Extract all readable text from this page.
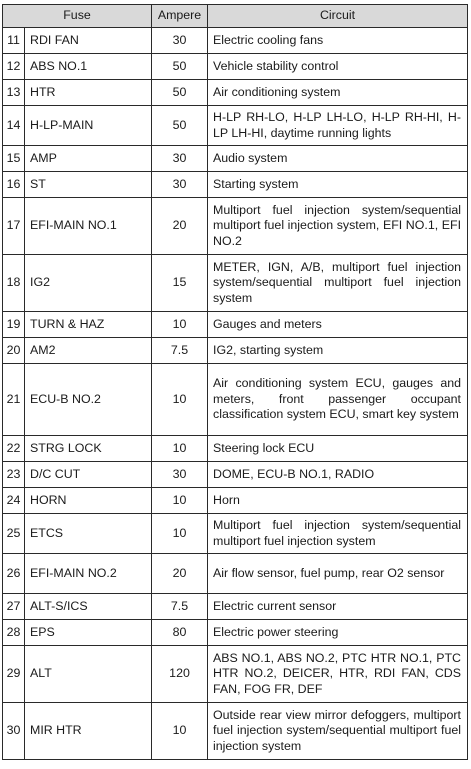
Fuse		Ampere	Circuit
11	RDI FAN	30	Electric cooling fans
12	ABS NO.1	50	Vehicle stability control
13	HTR	50	Air conditioning system
14	H-LP-MAIN	50	H-LP RH-LO, H-LP LH-LO, H-LP RH-HI, H-LP LH-HI, daytime running lights
15	AMP	30	Audio system
16	ST	30	Starting system
17	EFI-MAIN NO.1	20	Multiport fuel injection system/sequential multiport fuel injection system, EFI NO.1, EFI NO.2
18	IG2	15	METER, IGN, A/B, multiport fuel injection system/sequential multiport fuel injection system
19	TURN & HAZ	10	Gauges and meters
20	AM2	7.5	IG2, starting system
21	ECU-B NO.2	10	Air conditioning system ECU, gauges and meters, front passenger occupant classification system ECU, smart key system
22	STRG LOCK	10	Steering lock ECU
23	D/C CUT	30	DOME, ECU-B NO.1, RADIO
24	HORN	10	Horn
25	ETCS	10	Multiport fuel injection system/sequential multiport fuel injection system
26	EFI-MAIN NO.2	20	Air flow sensor, fuel pump, rear O2 sensor
27	ALT-S/ICS	7.5	Electric current sensor
28	EPS	80	Electric power steering
29	ALT	120	ABS NO.1, ABS NO.2, PTC HTR NO.1, PTC HTR NO.2, DEICER, HTR, RDI FAN, CDS FAN, FOG FR, DEF
30	MIR HTR	10	Outside rear view mirror defoggers, multiport fuel injection system/sequential multiport fuel injection system
